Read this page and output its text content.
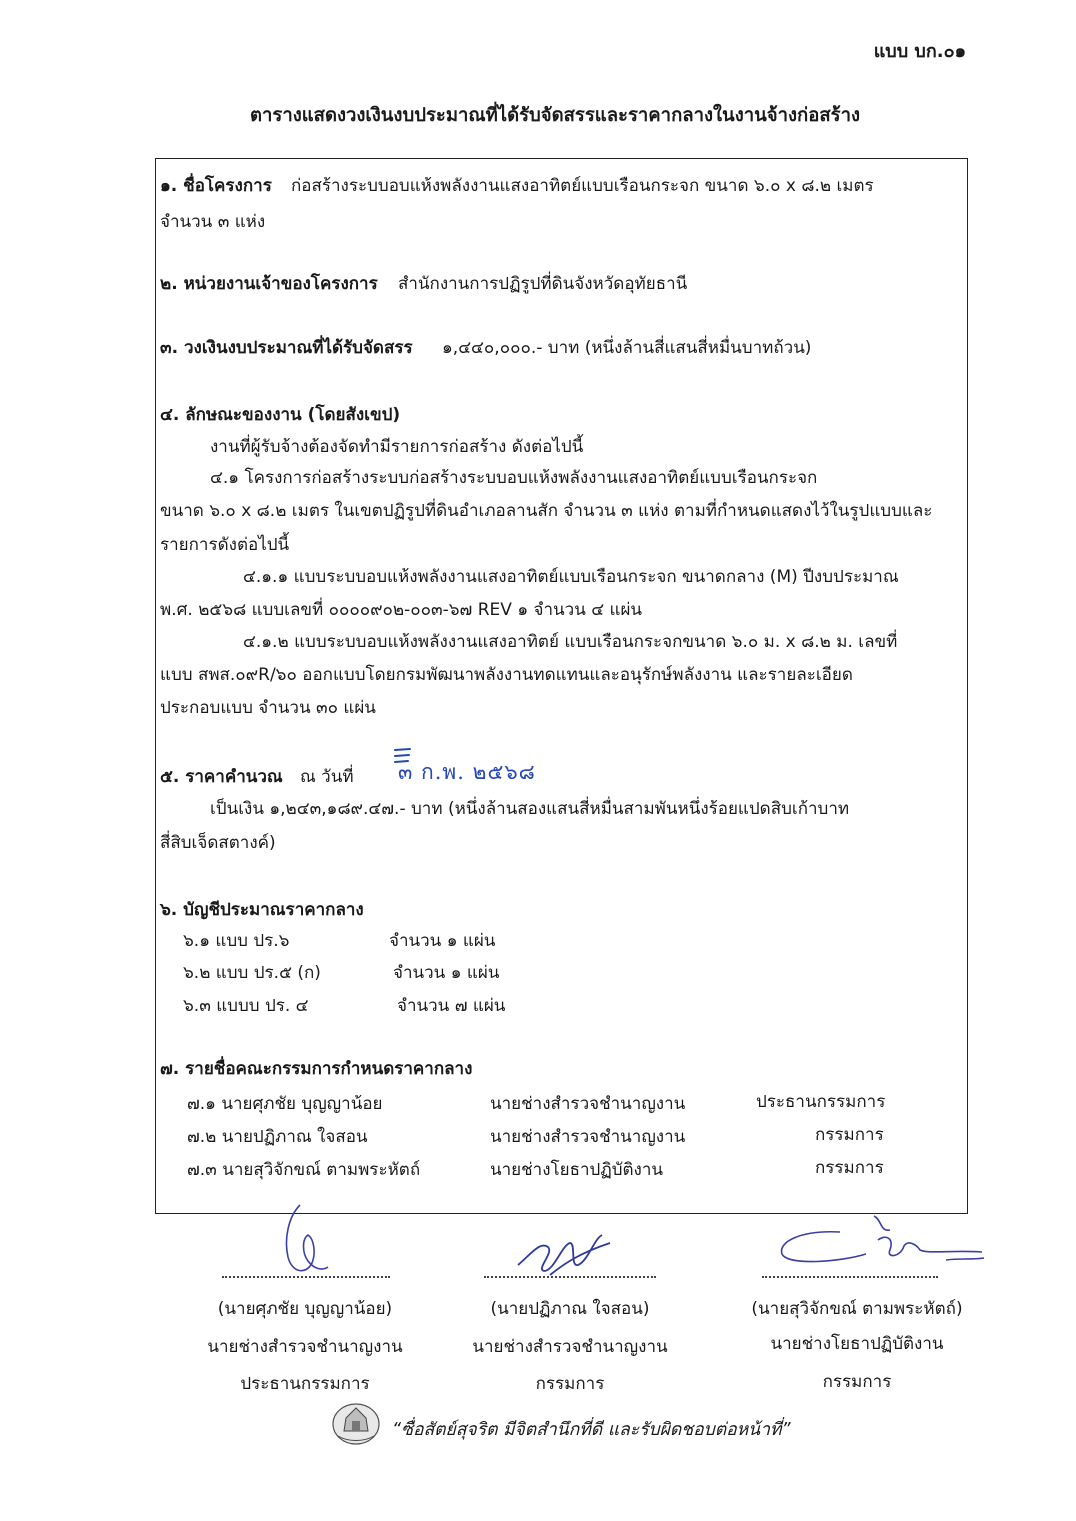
แบบ บก.๐๑
ตารางแสดงวงเงินงบประมาณที่ได้รับจัดสรรและราคากลางในงานจ้างก่อสร้าง
๑. ชื่อโครงการ ก่อสร้างระบบอบแห้งพลังงานแสงอาทิตย์แบบเรือนกระจก ขนาด ๖.๐ x ๘.๒ เมตร
จำนวน ๓ แห่ง
๒. หน่วยงานเจ้าของโครงการ สำนักงานการปฏิรูปที่ดินจังหวัดอุทัยธานี
๓. วงเงินงบประมาณที่ได้รับจัดสรร ๑,๔๔๐,๐๐๐.- บาท (หนึ่งล้านสี่แสนสี่หมื่นบาทถ้วน)
๔. ลักษณะของงาน (โดยสังเขป)
งานที่ผู้รับจ้างต้องจัดทำมีรายการก่อสร้าง ดังต่อไปนี้
๔.๑ โครงการก่อสร้างระบบก่อสร้างระบบอบแห้งพลังงานแสงอาทิตย์แบบเรือนกระจก
ขนาด ๖.๐ x ๘.๒ เมตร ในเขตปฏิรูปที่ดินอำเภอลานสัก จำนวน ๓ แห่ง ตามที่กำหนดแสดงไว้ในรูปแบบและ
รายการดังต่อไปนี้
๔.๑.๑ แบบระบบอบแห้งพลังงานแสงอาทิตย์แบบเรือนกระจก ขนาดกลาง (M) ปีงบประมาณ
พ.ศ. ๒๕๖๘ แบบเลขที่ ๐๐๐๐๙๐๒-๐๐๓-๖๗ REV ๑ จำนวน ๔ แผ่น
๔.๑.๒ แบบระบบอบแห้งพลังงานแสงอาทิตย์ แบบเรือนกระจกขนาด ๖.๐ ม. x ๘.๒ ม. เลขที่
แบบ สพส.๐๙R/๖๐ ออกแบบโดยกรมพัฒนาพลังงานทดแทนและอนุรักษ์พลังงาน และรายละเอียด
ประกอบแบบ จำนวน ๓๐ แผ่น
๕. ราคาคำนวณ ณ วันที่ ๓ ก.พ. ๒๕๖๘
เป็นเงิน ๑,๒๔๓,๑๘๙.๔๗.- บาท (หนึ่งล้านสองแสนสี่หมื่นสามพันหนึ่งร้อยแปดสิบเก้าบาท
สี่สิบเจ็ดสตางค์)
๖. บัญชีประมาณราคากลาง
๖.๑ แบบ ปร.๖	จำนวน ๑ แผ่น
๖.๒ แบบ ปร.๕ (ก)	จำนวน ๑ แผ่น
๖.๓ แบบบ ปร. ๔	จำนวน ๗ แผ่น
๗. รายชื่อคณะกรรมการกำหนดราคากลาง
๗.๑ นายศุภชัย บุญญาน้อย	นายช่างสำรวจชำนาญงาน	ประธานกรรมการ
๗.๒ นายปฏิภาณ ใจสอน	นายช่างสำรวจชำนาญงาน	กรรมการ
๗.๓ นายสุวิจักขณ์ ตามพระหัตถ์	นายช่างโยธาปฏิบัติงาน	กรรมการ
(นายศุภชัย บุญญาน้อย)
นายช่างสำรวจชำนาญงาน
ประธานกรรมการ
(นายปฏิภาณ ใจสอน)
นายช่างสำรวจชำนาญงาน
กรรมการ
(นายสุวิจักขณ์ ตามพระหัตถ์)
นายช่างโยธาปฏิบัติงาน
กรรมการ
“ซื่อสัตย์สุจริต มีจิตสำนึกที่ดี และรับผิดชอบต่อหน้าที่”
